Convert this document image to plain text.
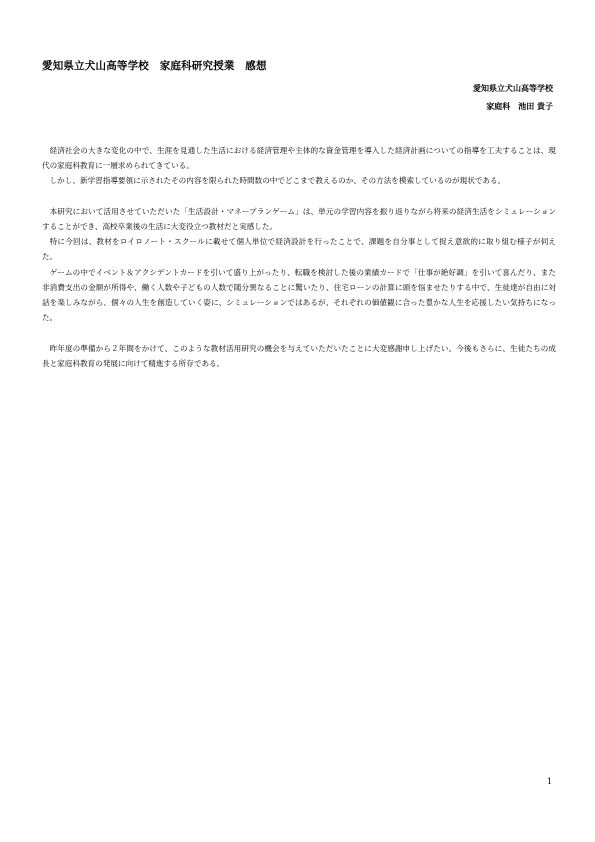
愛知県立犬山高等学校　家庭科研究授業　感想
愛知県立犬山高等学校
家庭科　池田 貴子

経済社会の大きな変化の中で、生涯を見通した生活における経済管理や主体的な資金管理を導入した経済計画についての指導を工夫することは、現代の家庭科教育に一層求められてきている。

しかし、新学習指導要領に示されたその内容を限られた時間数の中でどこまで教えるのか、その方法を模索しているのが現状である。

本研究において活用させていただいた「生活設計・マネープランゲーム」は、単元の学習内容を振り返りながら将来の経済生活をシミュレーションすることができ、高校卒業後の生活に大変役立つ教材だと実感した。

特に今回は、教材をロイロノート・スクールに載せて個人単位で経済設計を行ったことで、課題を自分事として捉え意欲的に取り組む様子が伺えた。

ゲームの中でイベント＆アクシデントカードを引いて盛り上がったり、転職を検討した後の業績カードで「仕事が絶好調」を引いて喜んだり、また非消費支出の金額が所得や、働く人数や子どもの人数で随分異なることに驚いたり、住宅ローンの計算に頭を悩ませたりする中で、生徒達が自由に対話を楽しみながら、個々の人生を創造していく姿に、シミュレーションではあるが、それぞれの価値観に合った豊かな人生を応援したい気持ちになった。

昨年度の準備から２年間をかけて、このような教材活用研究の機会を与えていただいたことに大変感謝申し上げたい。今後もさらに、生徒たちの成長と家庭科教育の発展に向けて精進する所存である。

1
